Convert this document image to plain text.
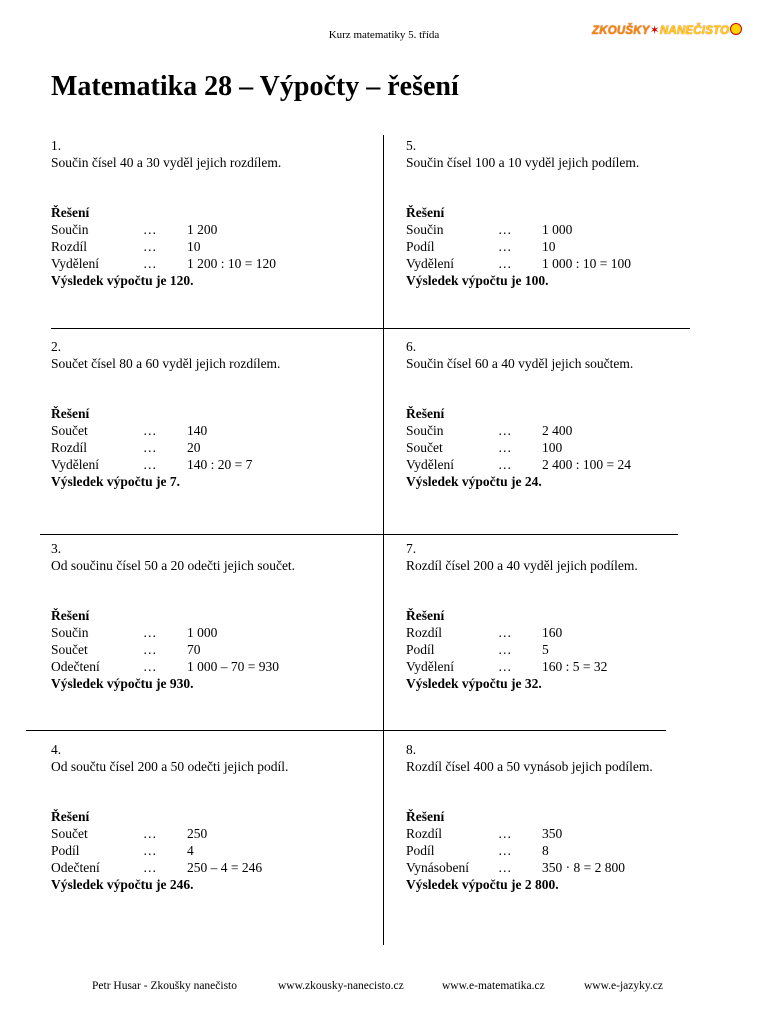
Kurz matematiky 5. třída	ZKOUŠKY✶NANEČISTO
Matematika 28 – Výpočty – řešení

1.

Součin čísel 40 a 30 vyděl jejich rozdílem.

Řešení

Součin	…	1 200
Rozdíl	…	10
Vydělení	…	1 200 : 10 = 120

Výsledek výpočtu je 120.

2.

Součet čísel 80 a 60 vyděl jejich rozdílem.

Řešení

Součet	…	140
Rozdíl	…	20
Vydělení	…	140 : 20 = 7

Výsledek výpočtu je 7.

3.

Od součinu čísel 50 a 20 odečti jejich součet.

Řešení

Součin	…	1 000
Součet	…	70
Odečtení	…	1 000 – 70 = 930

Výsledek výpočtu je 930.

4.

Od součtu čísel 200 a 50 odečti jejich podíl.

Řešení

Součet	…	250
Podíl	…	4
Odečtení	…	250 – 4 = 246

Výsledek výpočtu je 246.

5.

Součin čísel 100 a 10 vyděl jejich podílem.

Řešení

Součin	…	1 000
Podíl	…	10
Vydělení	…	1 000 : 10 = 100

Výsledek výpočtu je 100.

6.

Součin čísel 60 a 40 vyděl jejich součtem.

Řešení

Součin	…	2 400
Součet	…	100
Vydělení	…	2 400 : 100 = 24

Výsledek výpočtu je 24.

7.

Rozdíl čísel 200 a 40 vyděl jejich podílem.

Řešení

Rozdíl	…	160
Podíl	…	5
Vydělení	…	160 : 5 = 32

Výsledek výpočtu je 32.

8.

Rozdíl čísel 400 a 50 vynásob jejich podílem.

Řešení

Rozdíl	…	350
Podíl	…	8
Vynásobení	…	350 · 8 = 2 800

Výsledek výpočtu je 2 800.

Petr Husar - Zkoušky nanečisto	www.zkousky-nanecisto.cz	www.e-matematika.cz	www.e-jazyky.cz
